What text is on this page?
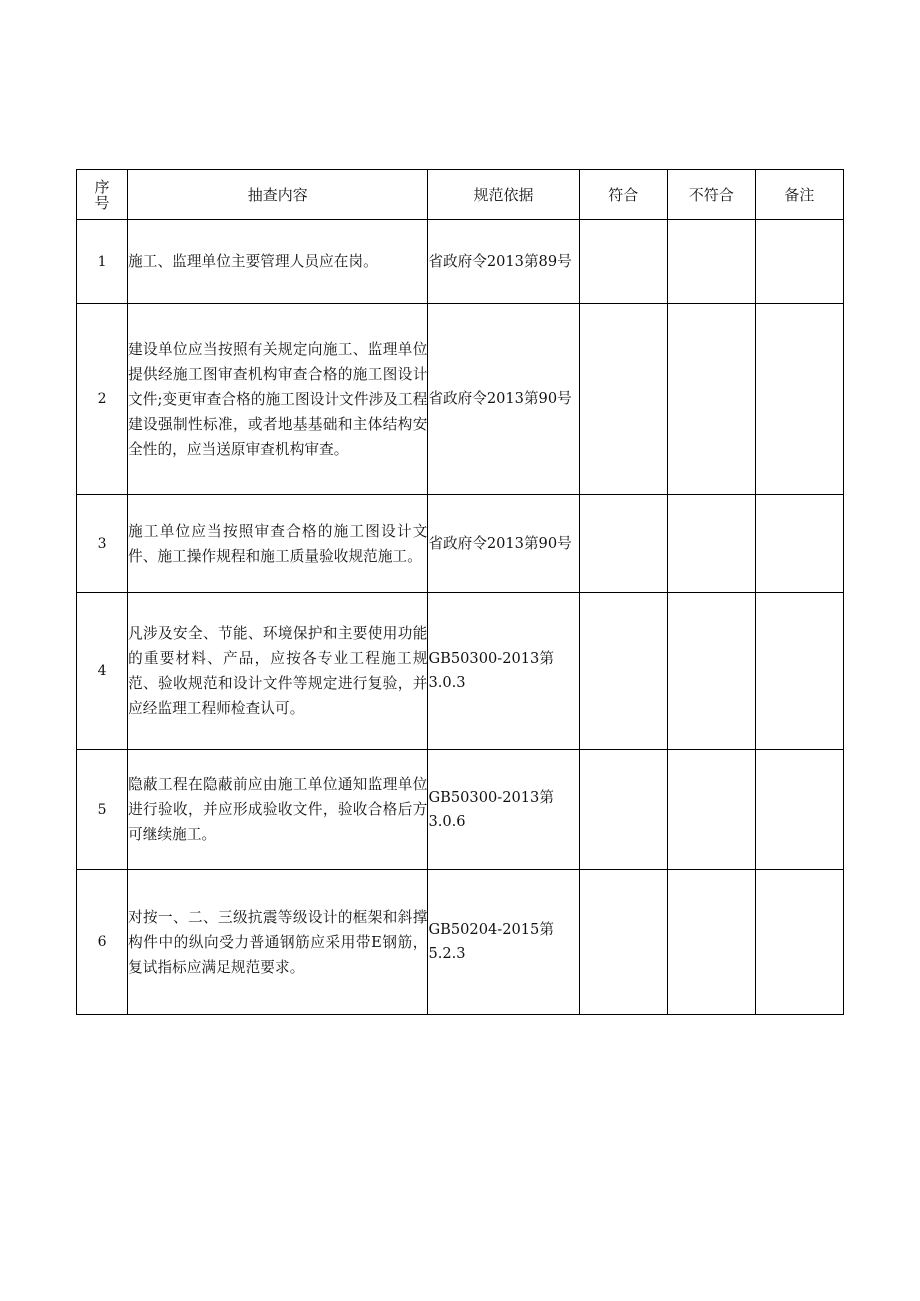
序
号	抽查内容	规范依据	符合	不符合	备注
1	施工、监理单位主要管理人员应在岗。	省政府令2013第89号			
2	建设单位应当按照有关规定向施工、监理单位提供经施工图审查机构审查合格的施工图设计文件;变更审查合格的施工图设计文件涉及工程建设强制性标准，或者地基基础和主体结构安全性的，应当送原审查机构审查。	省政府令2013第90号			
3	施工单位应当按照审查合格的施工图设计文件、施工操作规程和施工质量验收规范施工。	省政府令2013第90号			
4	凡涉及安全、节能、环境保护和主要使用功能的重要材料、产品，应按各专业工程施工规范、验收规范和设计文件等规定进行复验，并应经监理工程师检查认可。	GB50300-2013第3.0.3			
5	隐蔽工程在隐蔽前应由施工单位通知监理单位进行验收，并应形成验收文件，验收合格后方可继续施工。	GB50300-2013第3.0.6			
6	对按一、二、三级抗震等级设计的框架和斜撑构件中的纵向受力普通钢筋应采用带E钢筋，复试指标应满足规范要求。	GB50204-2015第5.2.3			
